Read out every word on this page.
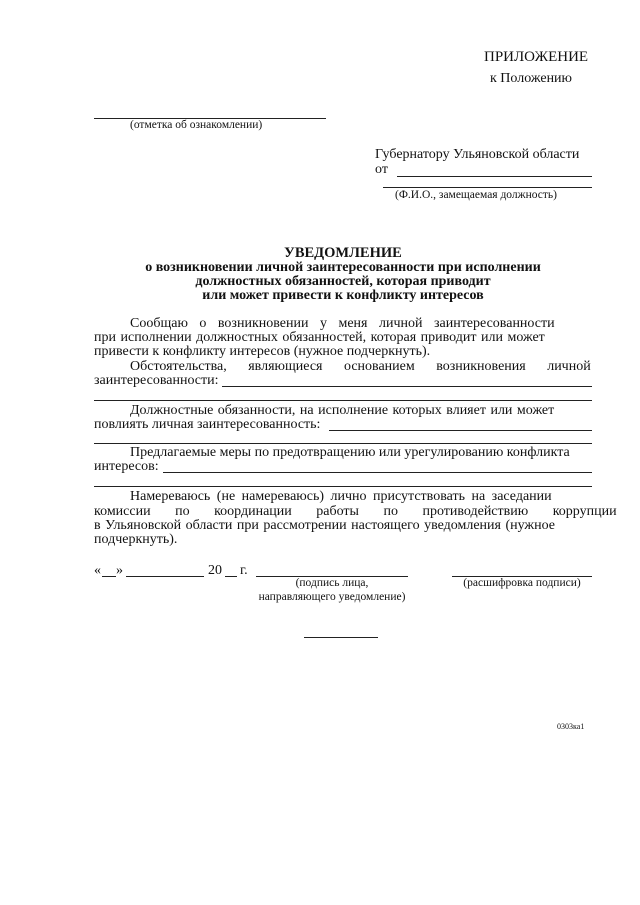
ПРИЛОЖЕНИЕ
к Положению
(отметка об ознакомлении)
Губернатору Ульяновской области
от
(Ф.И.О., замещаемая должность)
УВЕДОМЛЕНИЕ
о возникновении личной заинтересованности при исполнении
должностных обязанностей, которая приводит
или может привести к конфликту интересов
Сообщаю о возникновении у меня личной заинтересованности
при исполнении должностных обязанностей, которая приводит или может
привести к конфликту интересов (нужное подчеркнуть).
Обстоятельства, являющиеся основанием возникновения личной
заинтересованности:
Должностные обязанности, на исполнение которых влияет или может
повлиять личная заинтересованность:
Предлагаемые меры по предотвращению или урегулированию конфликта
интересов:
Намереваюсь (не намереваюсь) лично присутствовать на заседании
комиссии по координации работы по противодействию коррупции
в Ульяновской области при рассмотрении настоящего уведомления (нужное
подчеркнуть).
« »	20 г.
(подпись лица,
направляющего уведомление)
(расшифровка подписи)
0303ка1
